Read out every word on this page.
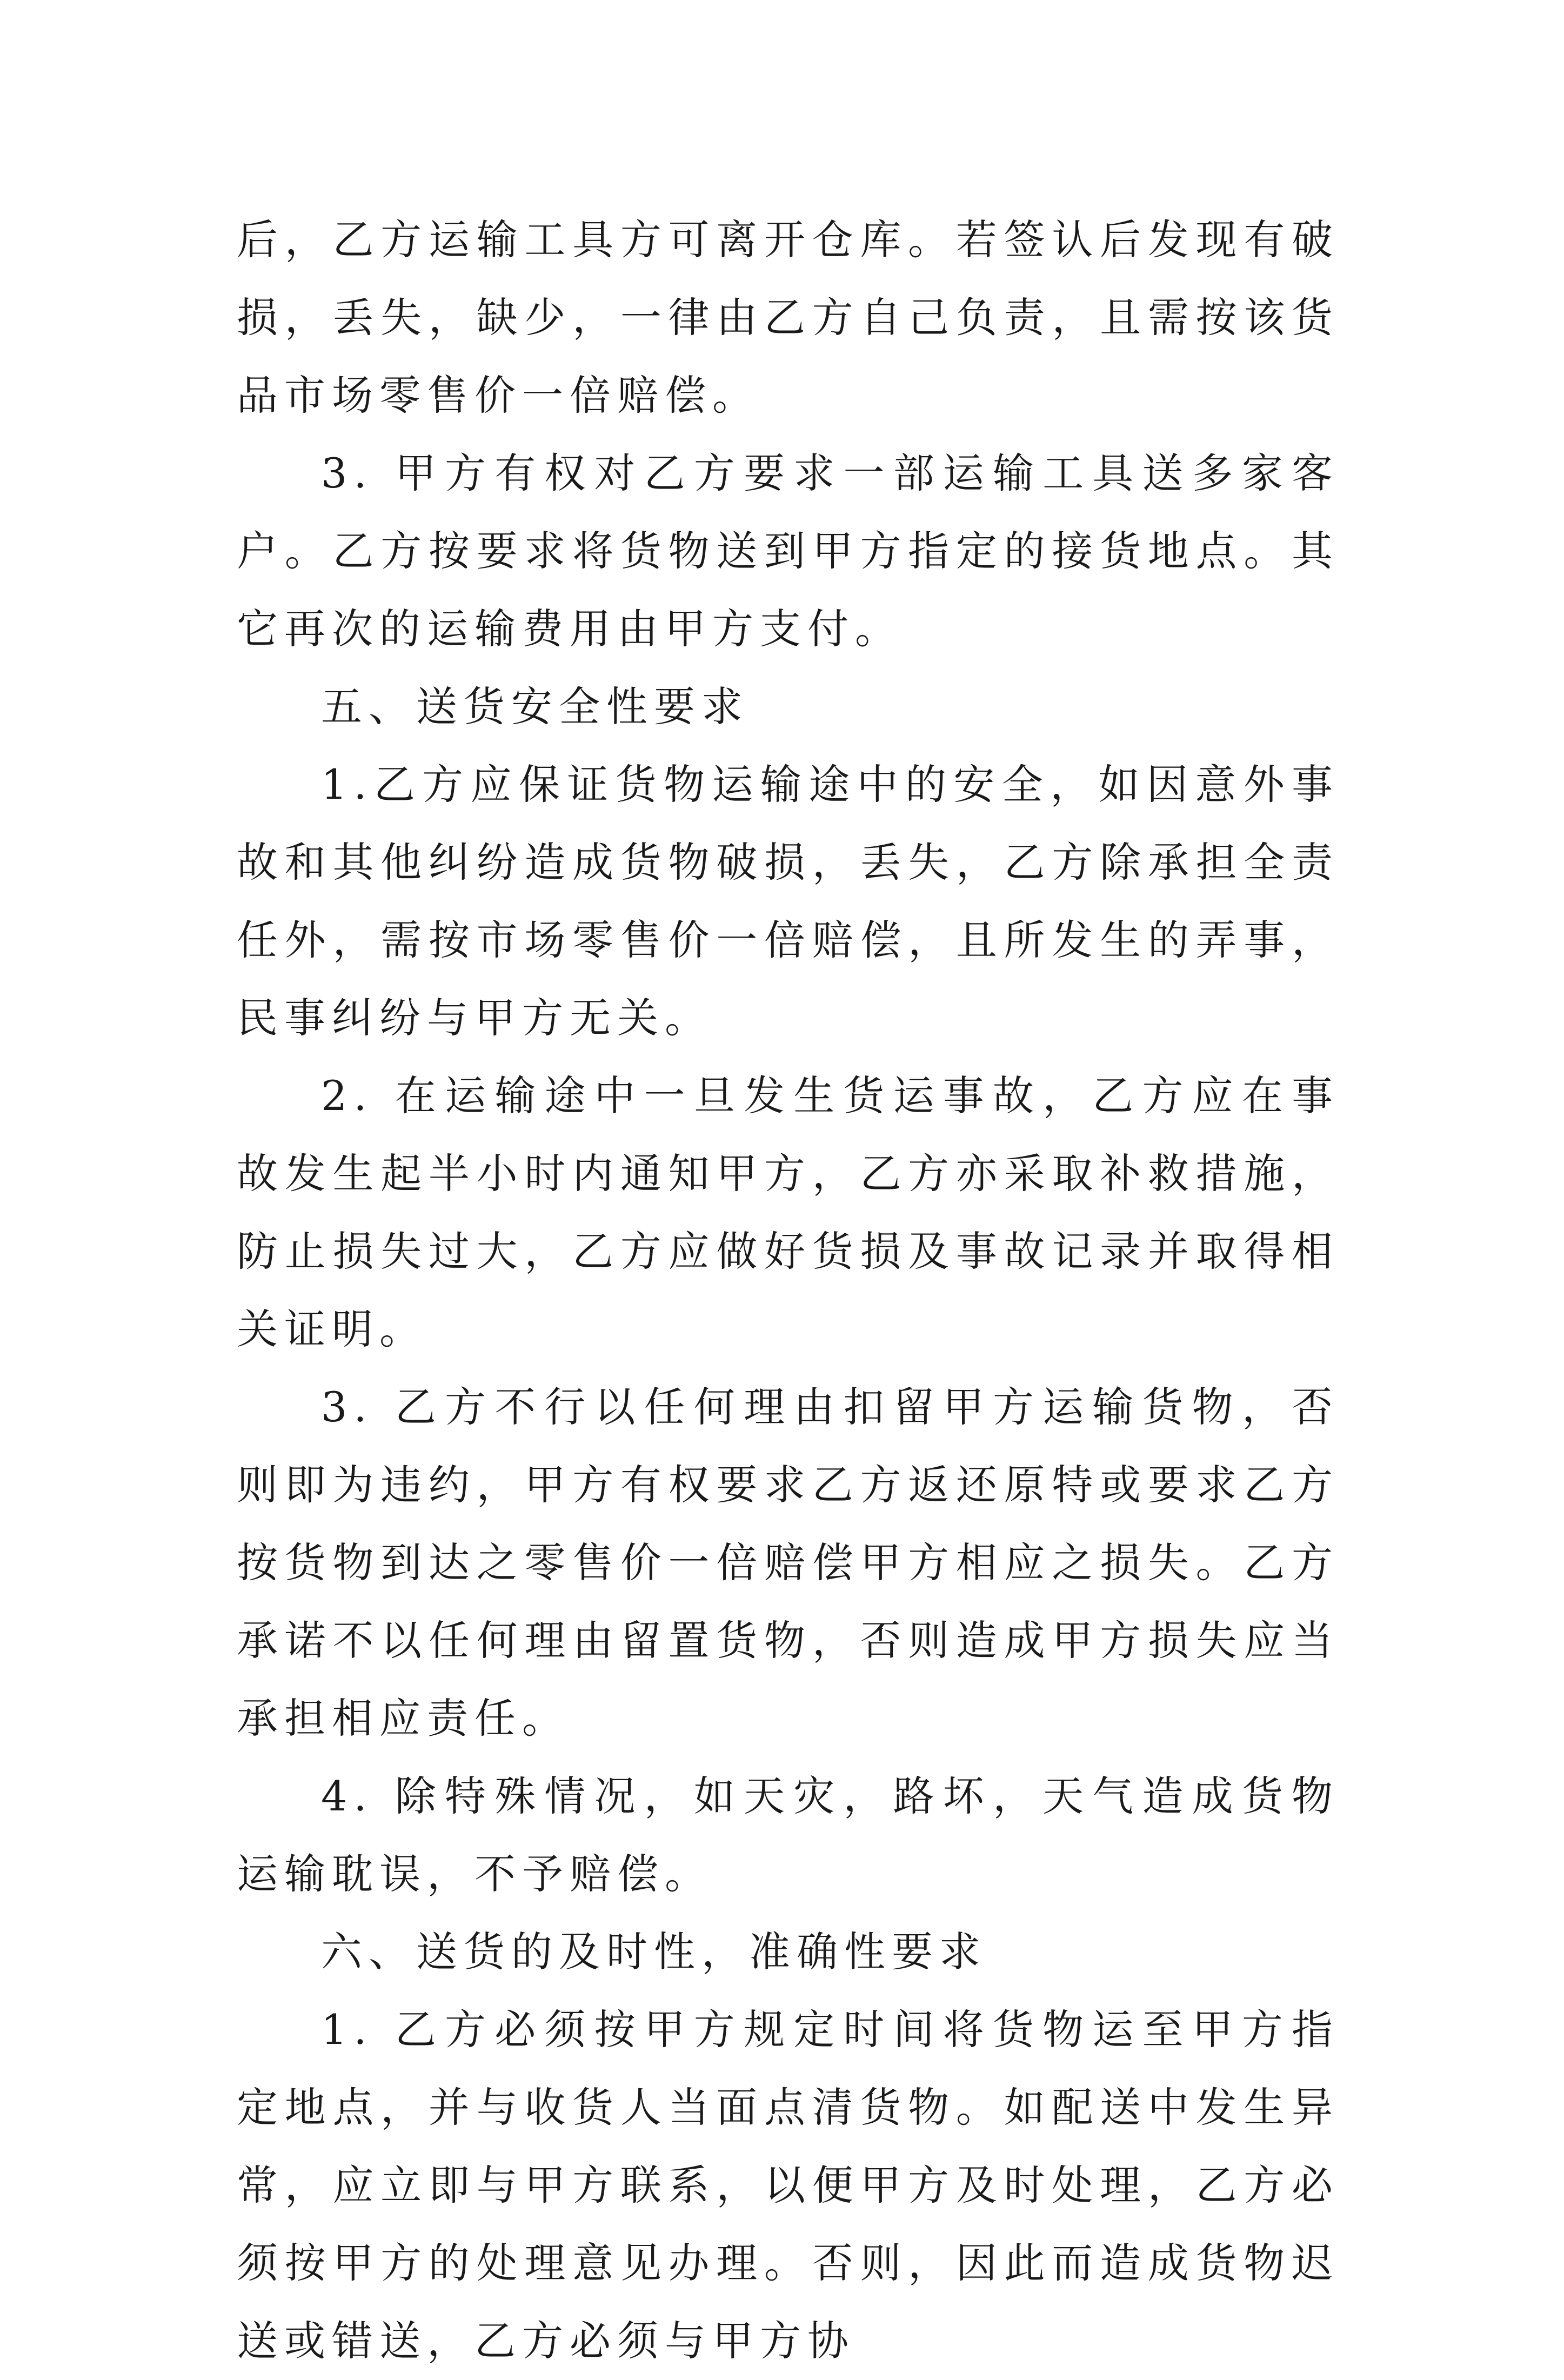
后，乙方运输工具方可离开仓库。若签认后发现有破损，丢失，缺少，一律由乙方自己负责，且需按该货品市场零售价一倍赔偿。

3. 甲方有权对乙方要求一部运输工具送多家客户。乙方按要求将货物送到甲方指定的接货地点。其它再次的运输费用由甲方支付。

五、送货安全性要求

1.乙方应保证货物运输途中的安全，如因意外事故和其他纠纷造成货物破损，丢失，乙方除承担全责任外，需按市场零售价一倍赔偿，且所发生的弄事，民事纠纷与甲方无关。

2. 在运输途中一旦发生货运事故，乙方应在事故发生起半小时内通知甲方，乙方亦采取补救措施，防止损失过大，乙方应做好货损及事故记录并取得相关证明。

3. 乙方不行以任何理由扣留甲方运输货物，否则即为违约，甲方有权要求乙方返还原特或要求乙方按货物到达之零售价一倍赔偿甲方相应之损失。乙方承诺不以任何理由留置货物，否则造成甲方损失应当承担相应责任。

4. 除特殊情况，如天灾，路坏，天气造成货物运输耽误，不予赔偿。

六、送货的及时性，准确性要求

1. 乙方必须按甲方规定时间将货物运至甲方指定地点，并与收货人当面点清货物。如配送中发生异常，应立即与甲方联系，以便甲方及时处理，乙方必须按甲方的处理意见办理。否则，因此而造成货物迟送或错送，乙方必须与甲方协
